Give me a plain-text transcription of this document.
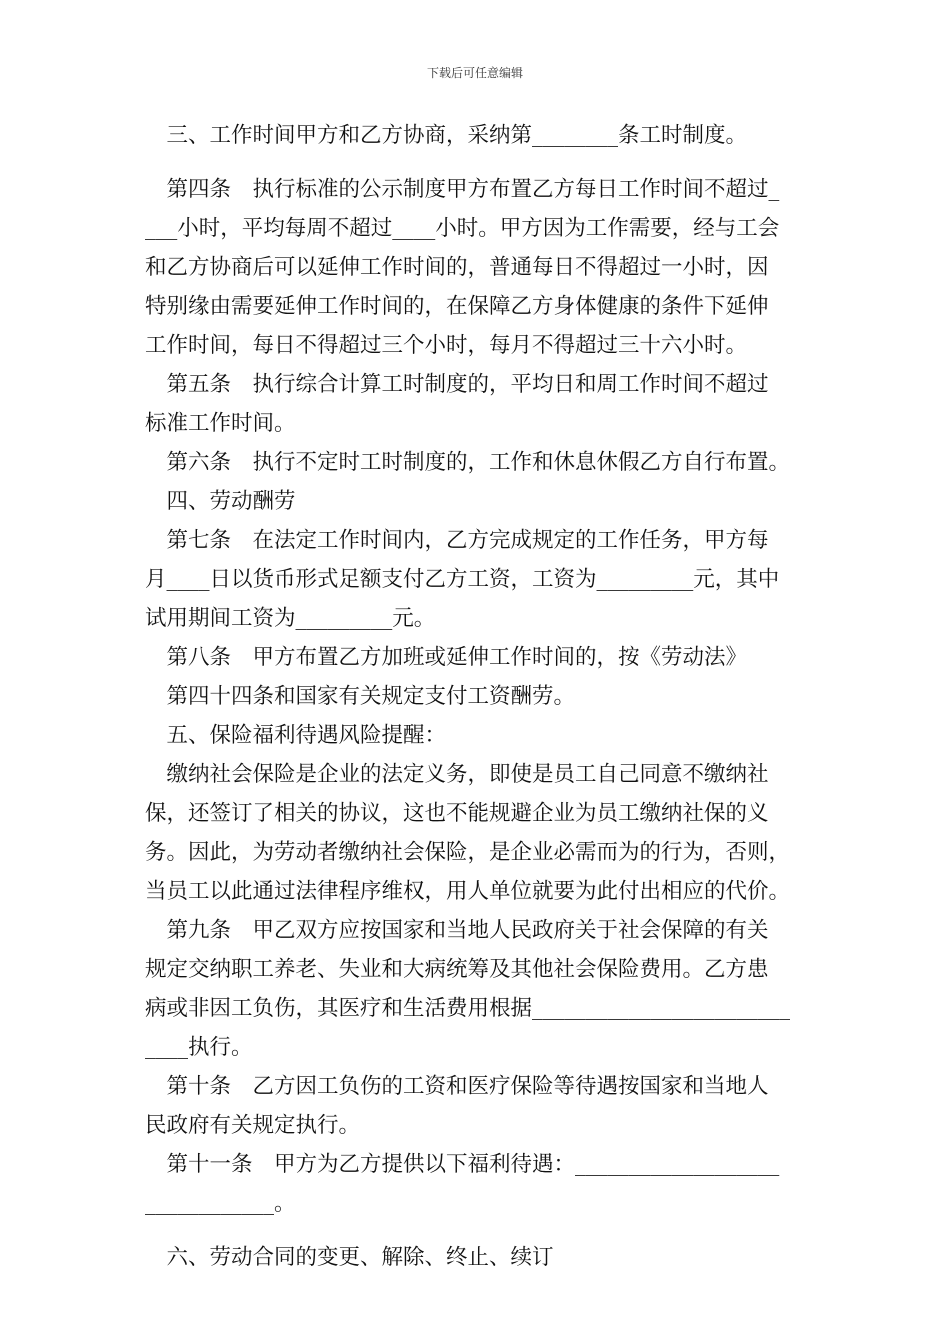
下载后可任意编辑
　三、工作时间甲方和乙方协商，采纳第________条工时制度。
　第四条　执行标准的公示制度甲方布置乙方每日工作时间不超过_
___小时，平均每周不超过____小时。甲方因为工作需要，经与工会
和乙方协商后可以延伸工作时间的，普通每日不得超过一小时，因
特别缘由需要延伸工作时间的，在保障乙方身体健康的条件下延伸
工作时间，每日不得超过三个小时，每月不得超过三十六小时。
　第五条　执行综合计算工时制度的，平均日和周工作时间不超过
标准工作时间。
　第六条　执行不定时工时制度的，工作和休息休假乙方自行布置。
　四、劳动酬劳
　第七条　在法定工作时间内，乙方完成规定的工作任务，甲方每
月____日以货币形式足额支付乙方工资，工资为_________元，其中
试用期间工资为_________元。
　第八条　甲方布置乙方加班或延伸工作时间的，按《劳动法》
　第四十四条和国家有关规定支付工资酬劳。
　五、保险福利待遇风险提醒：
　缴纳社会保险是企业的法定义务，即使是员工自己同意不缴纳社
保，还签订了相关的协议，这也不能规避企业为员工缴纳社保的义
务。因此，为劳动者缴纳社会保险，是企业必需而为的行为，否则，
当员工以此通过法律程序维权，用人单位就要为此付出相应的代价。
　第九条　甲乙双方应按国家和当地人民政府关于社会保障的有关
规定交纳职工养老、失业和大病统筹及其他社会保险费用。乙方患
病或非因工负伤，其医疗和生活费用根据________________________
____执行。
　第十条　乙方因工负伤的工资和医疗保险等待遇按国家和当地人
民政府有关规定执行。
　第十一条　甲方为乙方提供以下福利待遇：___________________
____________。
　六、劳动合同的变更、解除、终止、续订
